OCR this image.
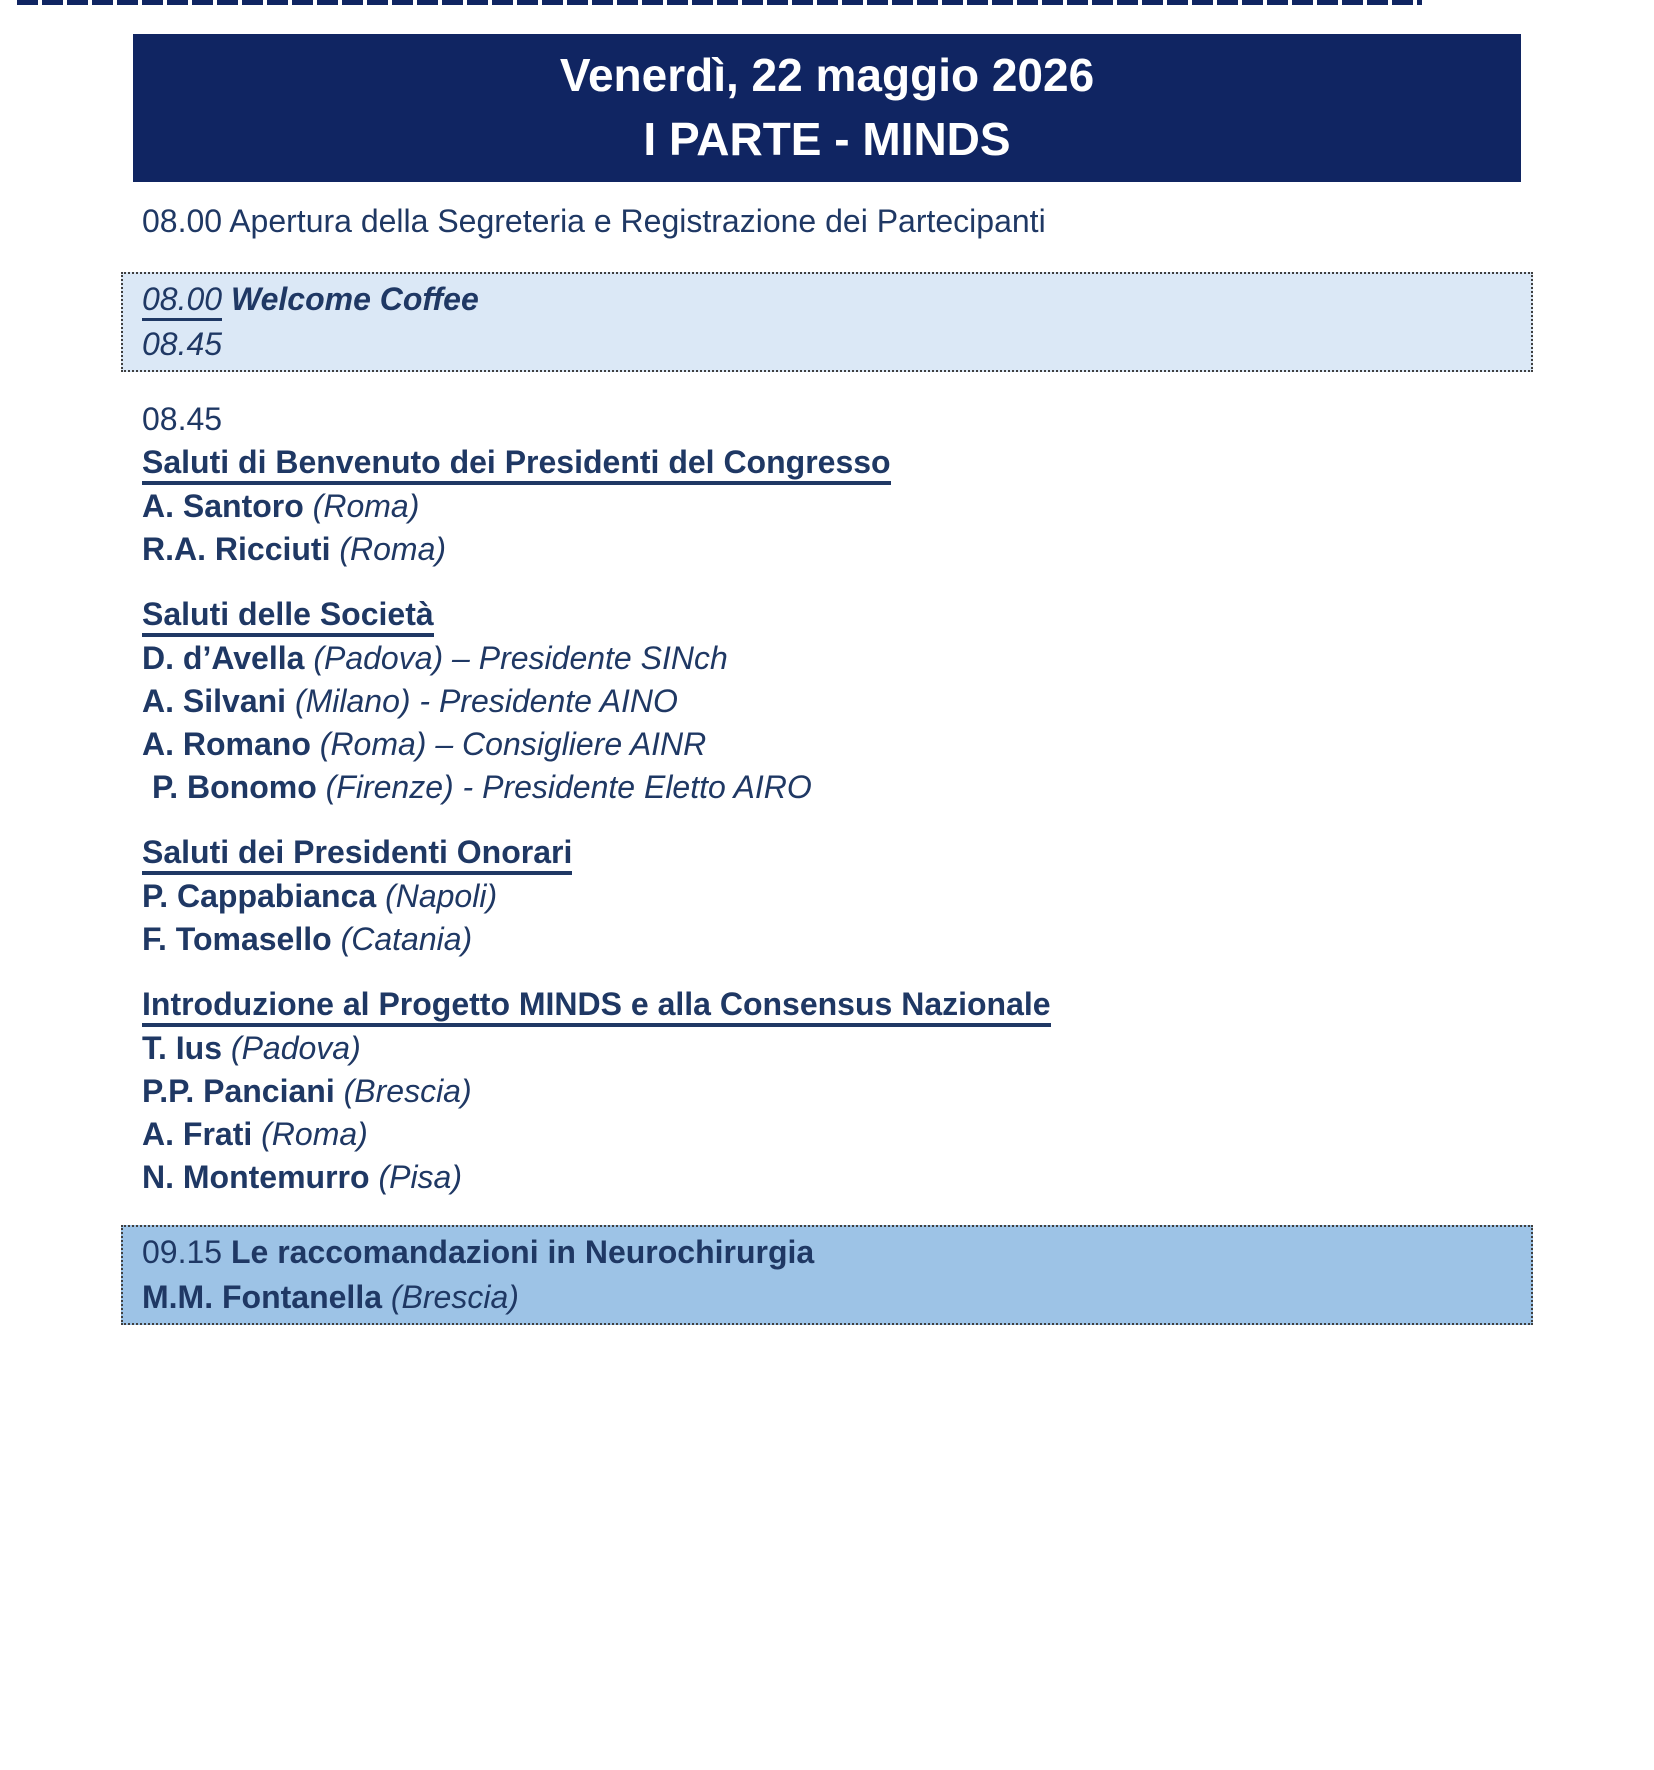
Venerdì, 22 maggio 2026
I PARTE - MINDS
08.00 Apertura della Segreteria e Registrazione dei Partecipanti
08.00 Welcome Coffee
08.45
08.45
Saluti di Benvenuto dei Presidenti del Congresso
A. Santoro (Roma)
R.A. Ricciuti (Roma)
Saluti delle Società
D. d’Avella (Padova) – Presidente SINch
A. Silvani (Milano) - Presidente AINO
A. Romano (Roma) – Consigliere AINR
P. Bonomo (Firenze) - Presidente Eletto AIRO
Saluti dei Presidenti Onorari
P. Cappabianca (Napoli)
F. Tomasello (Catania)
Introduzione al Progetto MINDS e alla Consensus Nazionale
T. Ius (Padova)
P.P. Panciani (Brescia)
A. Frati (Roma)
N. Montemurro (Pisa)
09.15 Le raccomandazioni in Neurochirurgia
M.M. Fontanella (Brescia)
